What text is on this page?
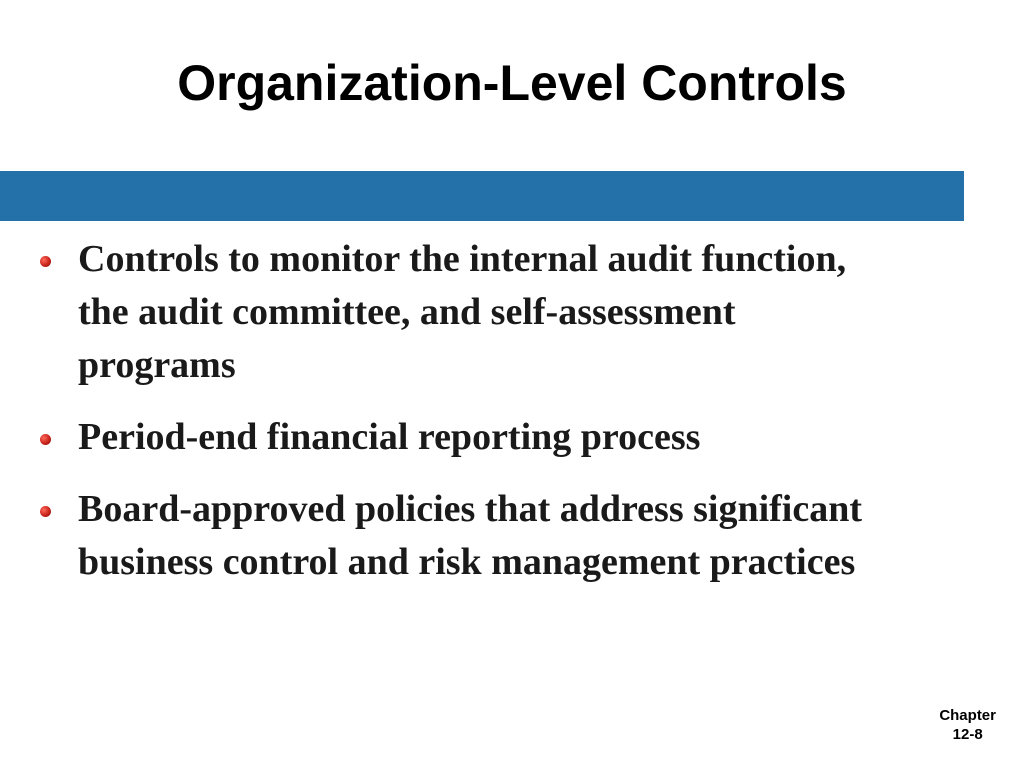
Organization-Level Controls
Controls to monitor the internal audit function, the audit committee, and self-assessment programs
Period-end financial reporting process
Board-approved policies that address significant business control and risk management practices
Chapter
12-8
